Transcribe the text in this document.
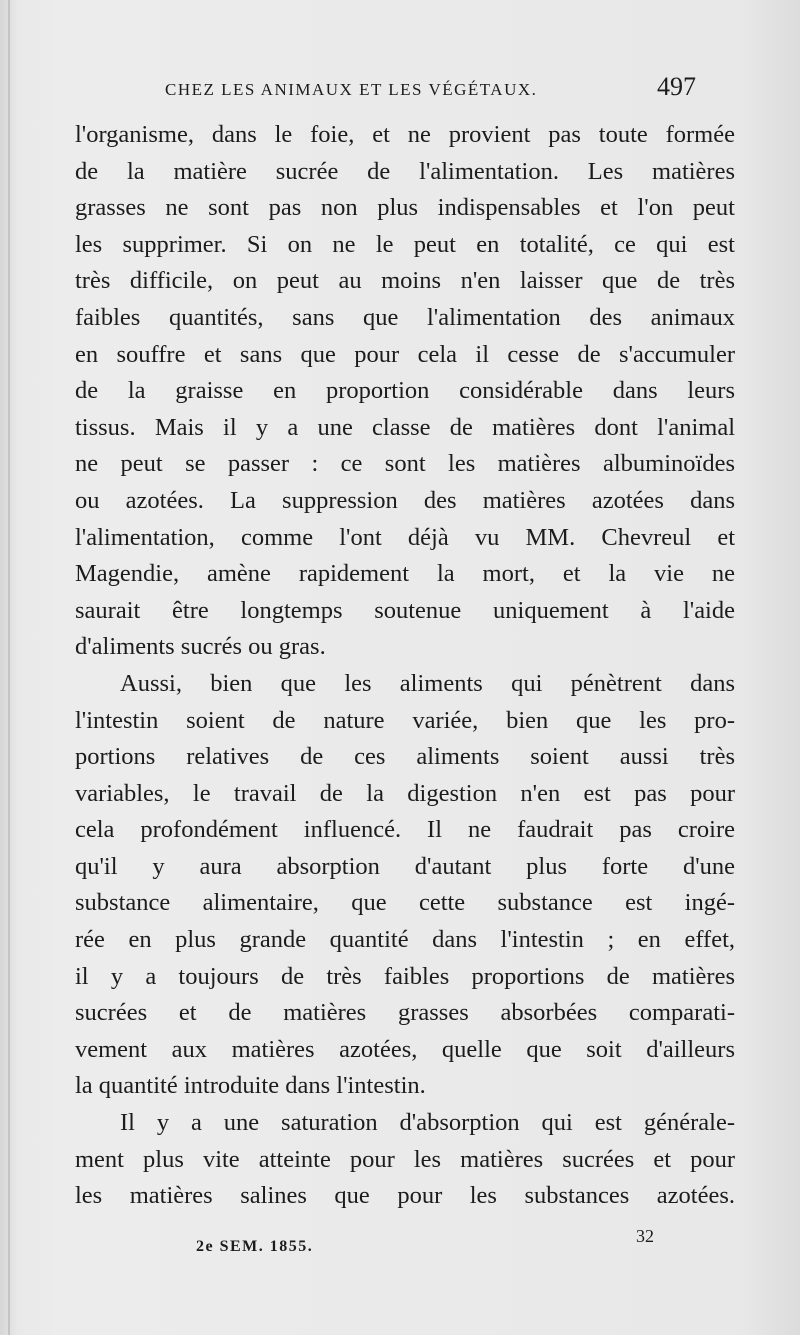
CHEZ LES ANIMAUX ET LES VÉGÉTAUX.	497
l'organisme, dans le foie, et ne provient pas toute formée
de la matière sucrée de l'alimentation. Les matières
grasses ne sont pas non plus indispensables et l'on peut
les supprimer. Si on ne le peut en totalité, ce qui est
très difficile, on peut au moins n'en laisser que de très
faibles quantités, sans que l'alimentation des animaux
en souffre et sans que pour cela il cesse de s'accumuler
de la graisse en proportion considérable dans leurs
tissus. Mais il y a une classe de matières dont l'animal
ne peut se passer : ce sont les matières albuminoïdes
ou azotées. La suppression des matières azotées dans
l'alimentation, comme l'ont déjà vu MM. Chevreul et
Magendie, amène rapidement la mort, et la vie ne
saurait être longtemps soutenue uniquement à l'aide
d'aliments sucrés ou gras.
Aussi, bien que les aliments qui pénètrent dans
l'intestin soient de nature variée, bien que les pro-
portions relatives de ces aliments soient aussi très
variables, le travail de la digestion n'en est pas pour
cela profondément influencé. Il ne faudrait pas croire
qu'il y aura absorption d'autant plus forte d'une
substance alimentaire, que cette substance est ingé-
rée en plus grande quantité dans l'intestin ; en effet,
il y a toujours de très faibles proportions de matières
sucrées et de matières grasses absorbées comparati-
vement aux matières azotées, quelle que soit d'ailleurs
la quantité introduite dans l'intestin.
Il y a une saturation d'absorption qui est générale-
ment plus vite atteinte pour les matières sucrées et pour
les matières salines que pour les substances azotées.
2e SEM. 1855.
32
